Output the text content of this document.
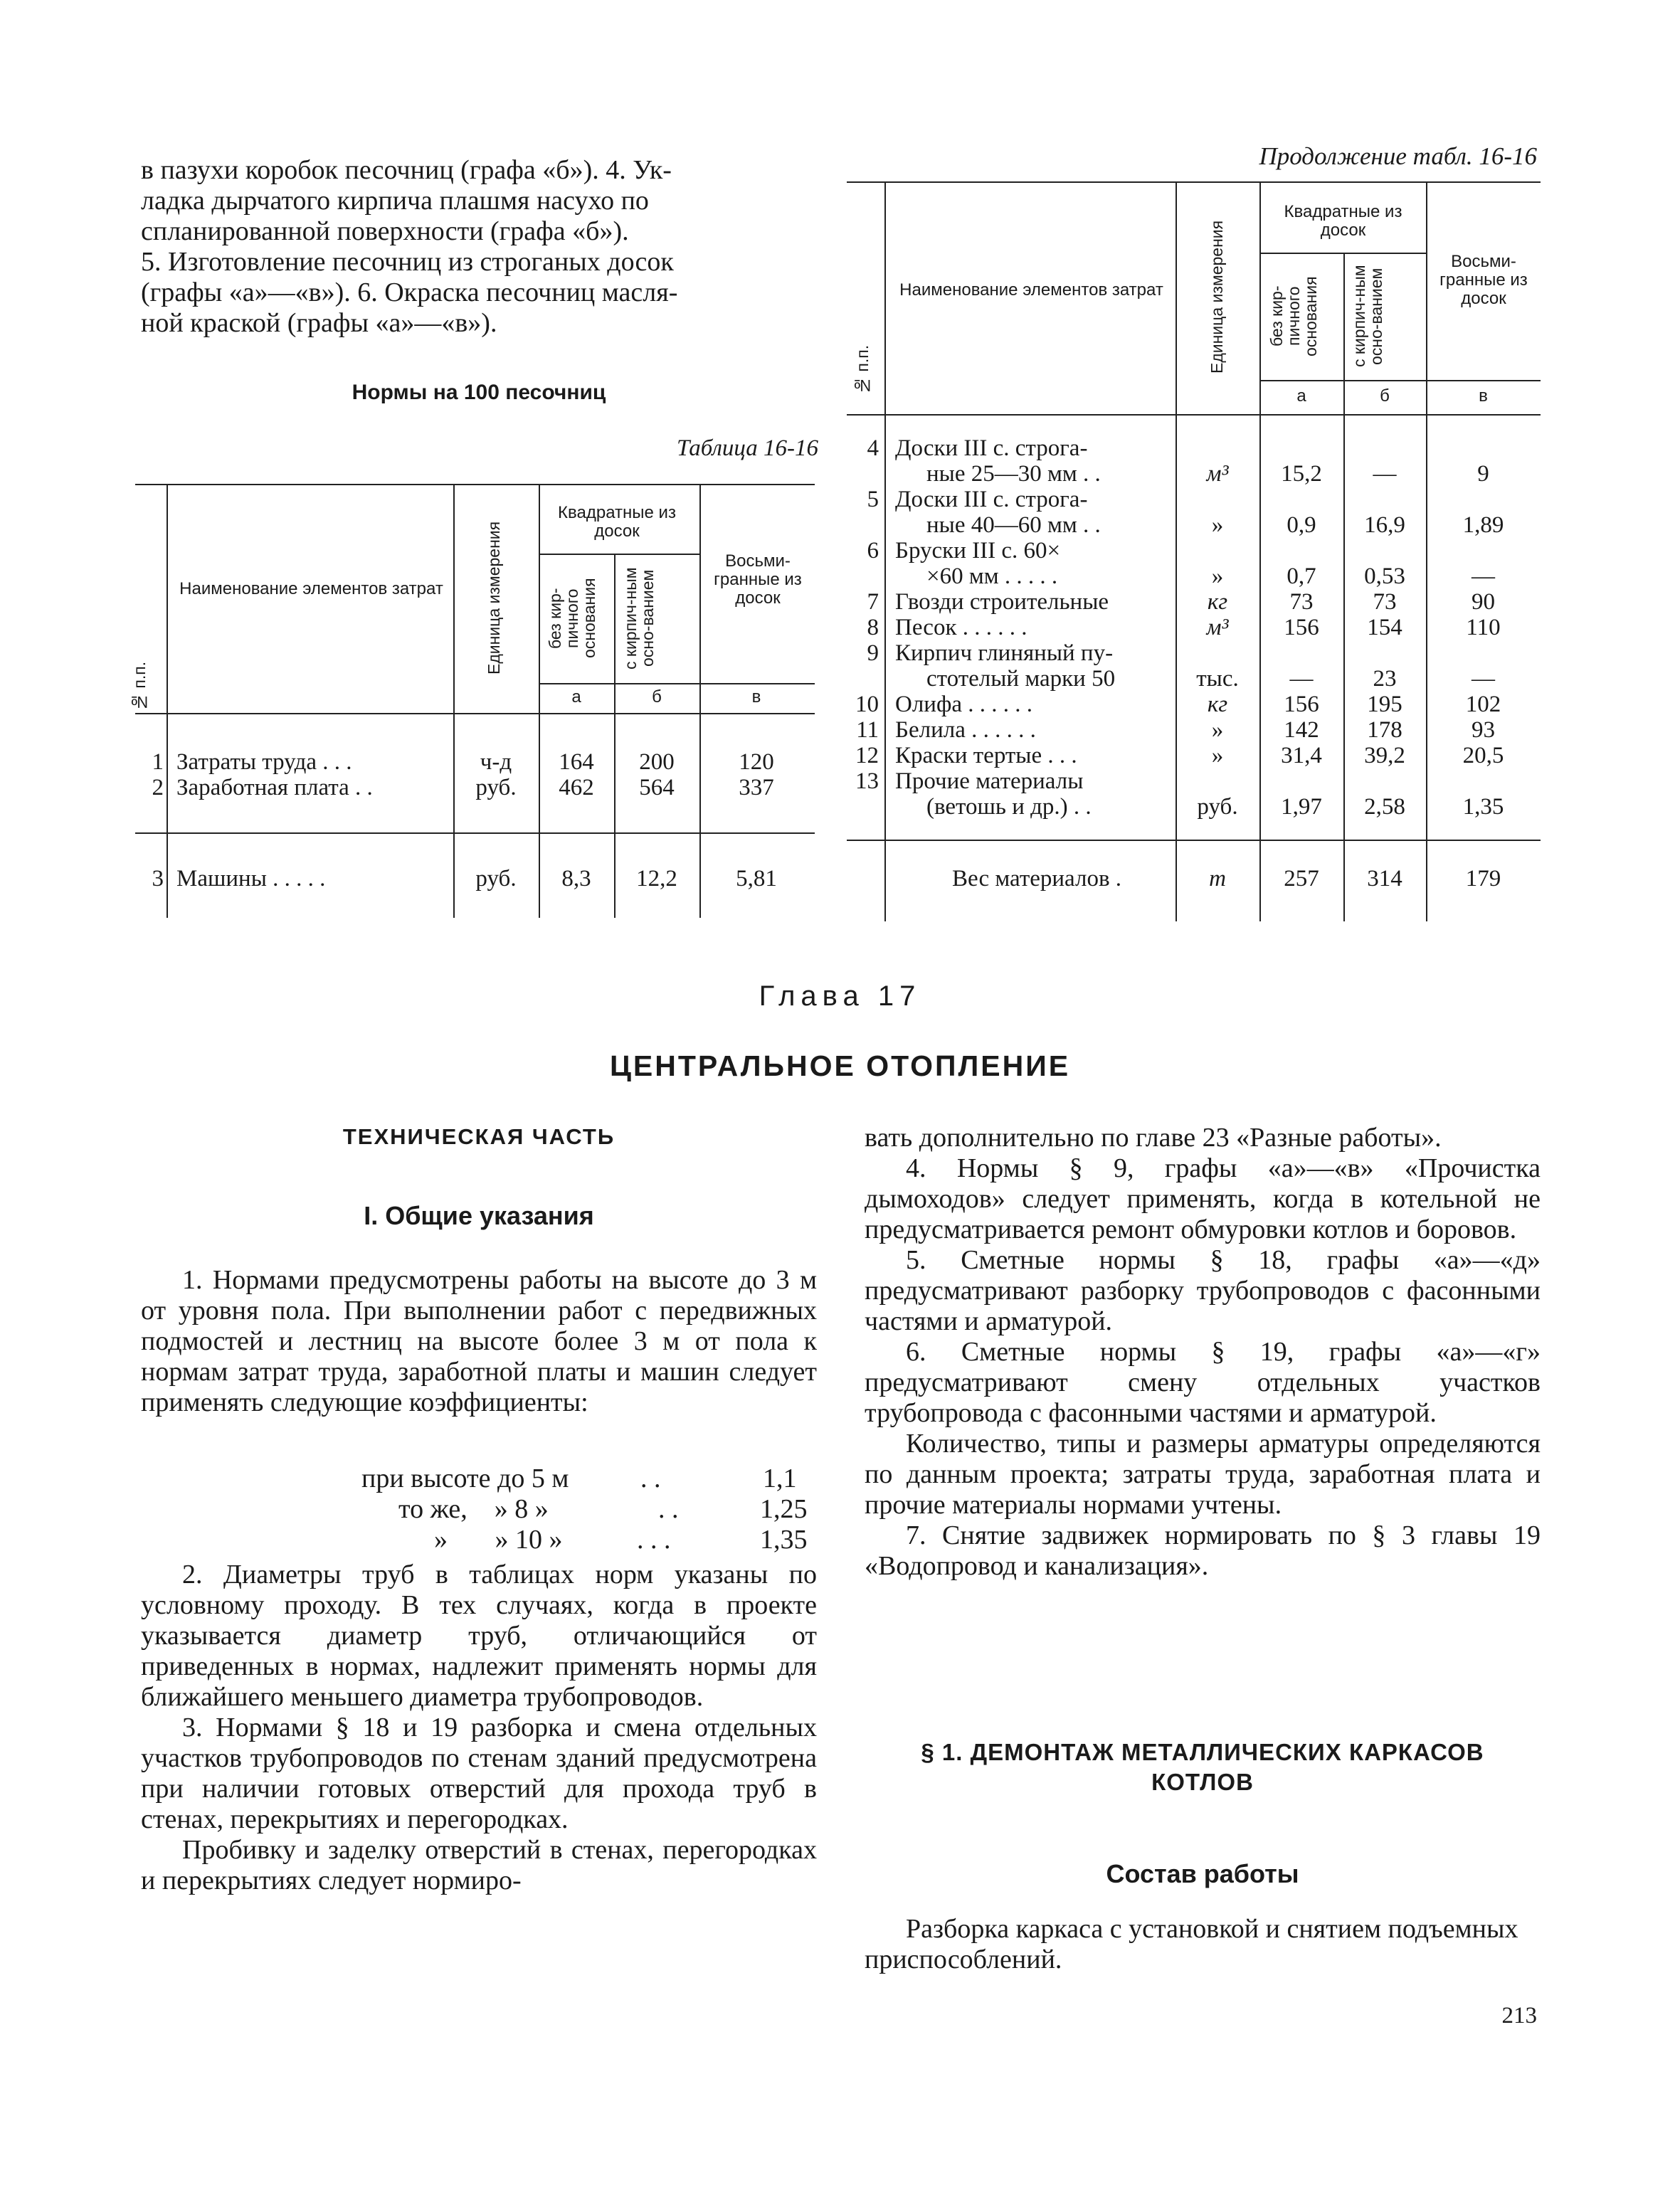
в пазухи коробок песочниц (графа «б»). 4. Ук-
ладка дырчатого кирпича плашмя насухо по
спланированной поверхности (графа «б»).
5. Изготовление песочниц из строганых досок
(графы «а»—«в»). 6. Окраска песочниц масля-
ной краской (графы «а»—«в»).
Нормы на 100 песочниц
Таблица 16-16
№ п.п.
Наименование элементов затрат	Единица измерения
Квадратные из досок
без кир-пичного основания	с кирпич-ным осно-ванием
Восьми-гранные из досок
а	б	в
1 Затраты труда . . .	ч-д	164	200	120
2 Заработная плата . .	руб.	462	564	337
3 Машины . . . . .	руб.	8,3	12,2	5,81
Продолжение табл. 16-16
№ п.п.
Наименование элементов затрат	Единица измерения
Квадратные из досок
без кир-пичного основания	с кирпич-ным осно-ванием
Восьми-гранные из досок
а	б	в
4 Доски III с. строга-
ные 25—30 мм . .	м³	15,2	—	9
5 Доски III с. строга-
ные 40—60 мм . .	»	0,9	16,9	1,89
6 Бруски III с. 60×
×60 мм . . . . .	»	0,7	0,53	—
7 Гвозди строительные	кг	73	73	90
8 Песок . . . . . .	м³	156	154	110
9 Кирпич глиняный пу-
стотелый марки 50	тыс.	—	23	—
10 Олифа . . . . . .	кг	156	195	102
11 Белила . . . . . .	»	142	178	93
12 Краски тертые . . .	»	31,4	39,2	20,5
13 Прочие материалы
(ветошь и др.) . .	руб.	1,97	2,58	1,35
Вес материалов .	т	257	314	179
Глава 17
ЦЕНТРАЛЬНОЕ ОТОПЛЕНИЕ
ТЕХНИЧЕСКАЯ ЧАСТЬ
I. Общие указания

1. Нормами предусмотрены работы на высоте до 3 м от уровня пола. При выполнении работ с передвижных подмостей и лестниц на высоте более 3 м от пола к нормам затрат труда, заработной платы и машин следует применять следующие коэффициенты:

при высоте до 5 м	. .	1,1
то же,    » 8 »	. .	1,25
»       » 10 »	. . .	1,35

2. Диаметры труб в таблицах норм указаны по условному проходу. В тех случаях, когда в проекте указывается диаметр труб, отличающийся от приведенных в нормах, надлежит применять нормы для ближайшего меньшего диаметра трубопроводов.

3. Нормами § 18 и 19 разборка и смена отдельных участков трубопроводов по стенам зданий предусмотрена при наличии готовых отверстий для прохода труб в стенах, перекрытиях и перегородках.

Пробивку и заделку отверстий в стенах, перегородках и перекрытиях следует нормиро-

вать дополнительно по главе 23 «Разные работы».

4. Нормы § 9, графы «а»—«в» «Прочистка дымоходов» следует применять, когда в котельной не предусматривается ремонт обмуровки котлов и боровов.

5. Сметные нормы § 18, графы «а»—«д» предусматривают разборку трубопроводов с фасонными частями и арматурой.

6. Сметные нормы § 19, графы «а»—«г» предусматривают смену отдельных участков трубопровода с фасонными частями и арматурой.

Количество, типы и размеры арматуры определяются по данным проекта; затраты труда, заработная плата и прочие материалы нормами учтены.

7. Снятие задвижек нормировать по § 3 главы 19 «Водопровод и канализация».

§ 1. ДЕМОНТАЖ МЕТАЛЛИЧЕСКИХ КАРКАСОВ КОТЛОВ
Состав работы

Разборка каркаса с установкой и снятием подъемных приспособлений.

213
